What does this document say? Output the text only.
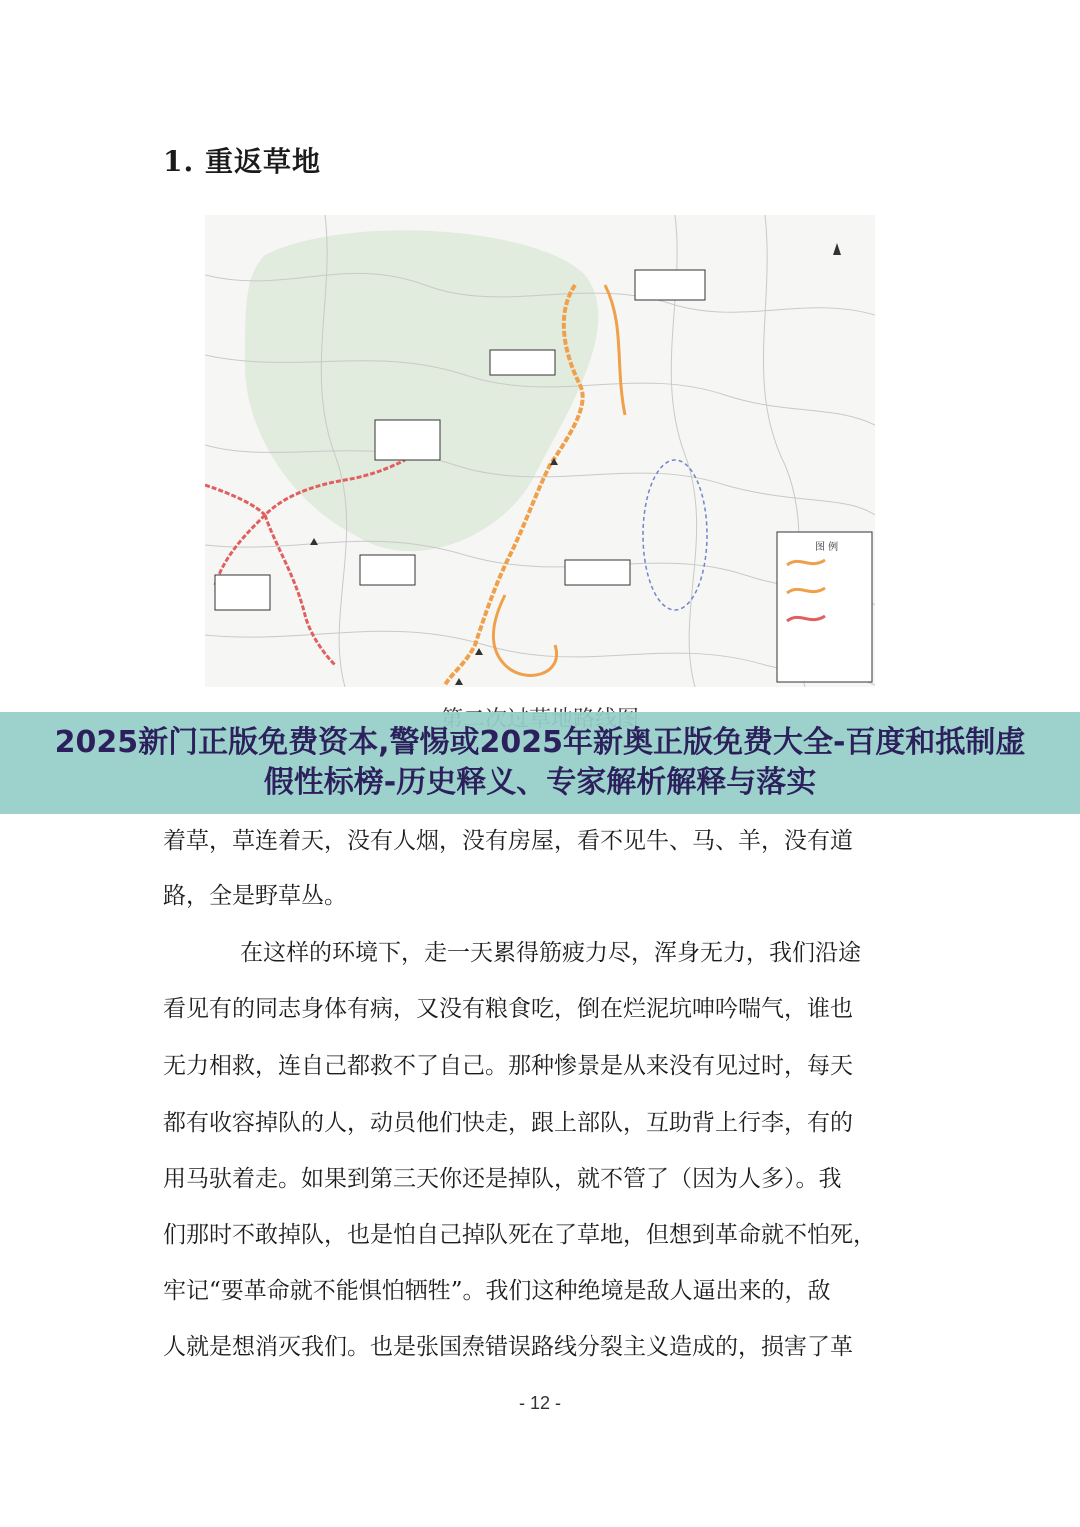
1. 重返草地
图 例
2025新门正版免费资本,警惕或2025年新奥正版免费大全-百度和抵制虚假性标榜-历史释义、专家解析解释与落实
着草，草连着天，没有人烟，没有房屋，看不见牛、马、羊，没有道
路，全是野草丛。
在这样的环境下，走一天累得筋疲力尽，浑身无力，我们沿途
看见有的同志身体有病，又没有粮食吃，倒在烂泥坑呻吟喘气，谁也
无力相救，连自己都救不了自己。那种惨景是从来没有见过时，每天
都有收容掉队的人，动员他们快走，跟上部队，互助背上行李，有的
用马驮着走。如果到第三天你还是掉队，就不管了（因为人多）。我
们那时不敢掉队，也是怕自己掉队死在了草地，但想到革命就不怕死，
牢记“要革命就不能惧怕牺牲”。我们这种绝境是敌人逼出来的，敌
人就是想消灭我们。也是张国焘错误路线分裂主义造成的，损害了革
- 12 -
